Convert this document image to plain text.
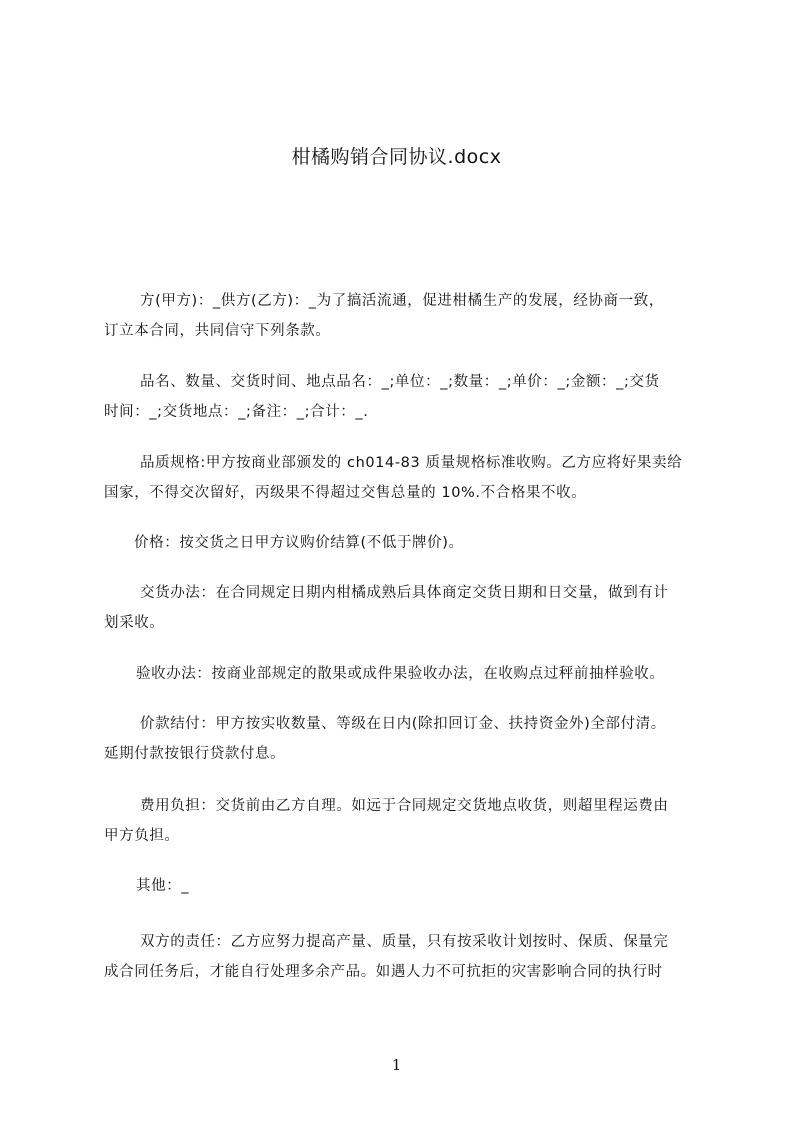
柑橘购销合同协议.docx

方(甲方)：_供方(乙方)：_为了搞活流通，促进柑橘生产的发展，经协商一致，
订立本合同，共同信守下列条款。

品名、数量、交货时间、地点品名：_;单位：_;数量：_;单价：_;金额：_;交货
时间：_;交货地点：_;备注：_;合计：_.

品质规格:甲方按商业部颁发的 ch014-83 质量规格标准收购。乙方应将好果卖给
国家，不得交次留好，丙级果不得超过交售总量的 10%.不合格果不收。

价格：按交货之日甲方议购价结算(不低于牌价)。

交货办法：在合同规定日期内柑橘成熟后具体商定交货日期和日交量，做到有计
划采收。

验收办法：按商业部规定的散果或成件果验收办法，在收购点过秤前抽样验收。

价款结付：甲方按实收数量、等级在日内(除扣回订金、扶持资金外)全部付清。
延期付款按银行贷款付息。

费用负担：交货前由乙方自理。如远于合同规定交货地点收货，则超里程运费由
甲方负担。

其他：_

双方的责任：乙方应努力提高产量、质量，只有按采收计划按时、保质、保量完
成合同任务后，才能自行处理多余产品。如遇人力不可抗拒的灾害影响合同的执行时

1
